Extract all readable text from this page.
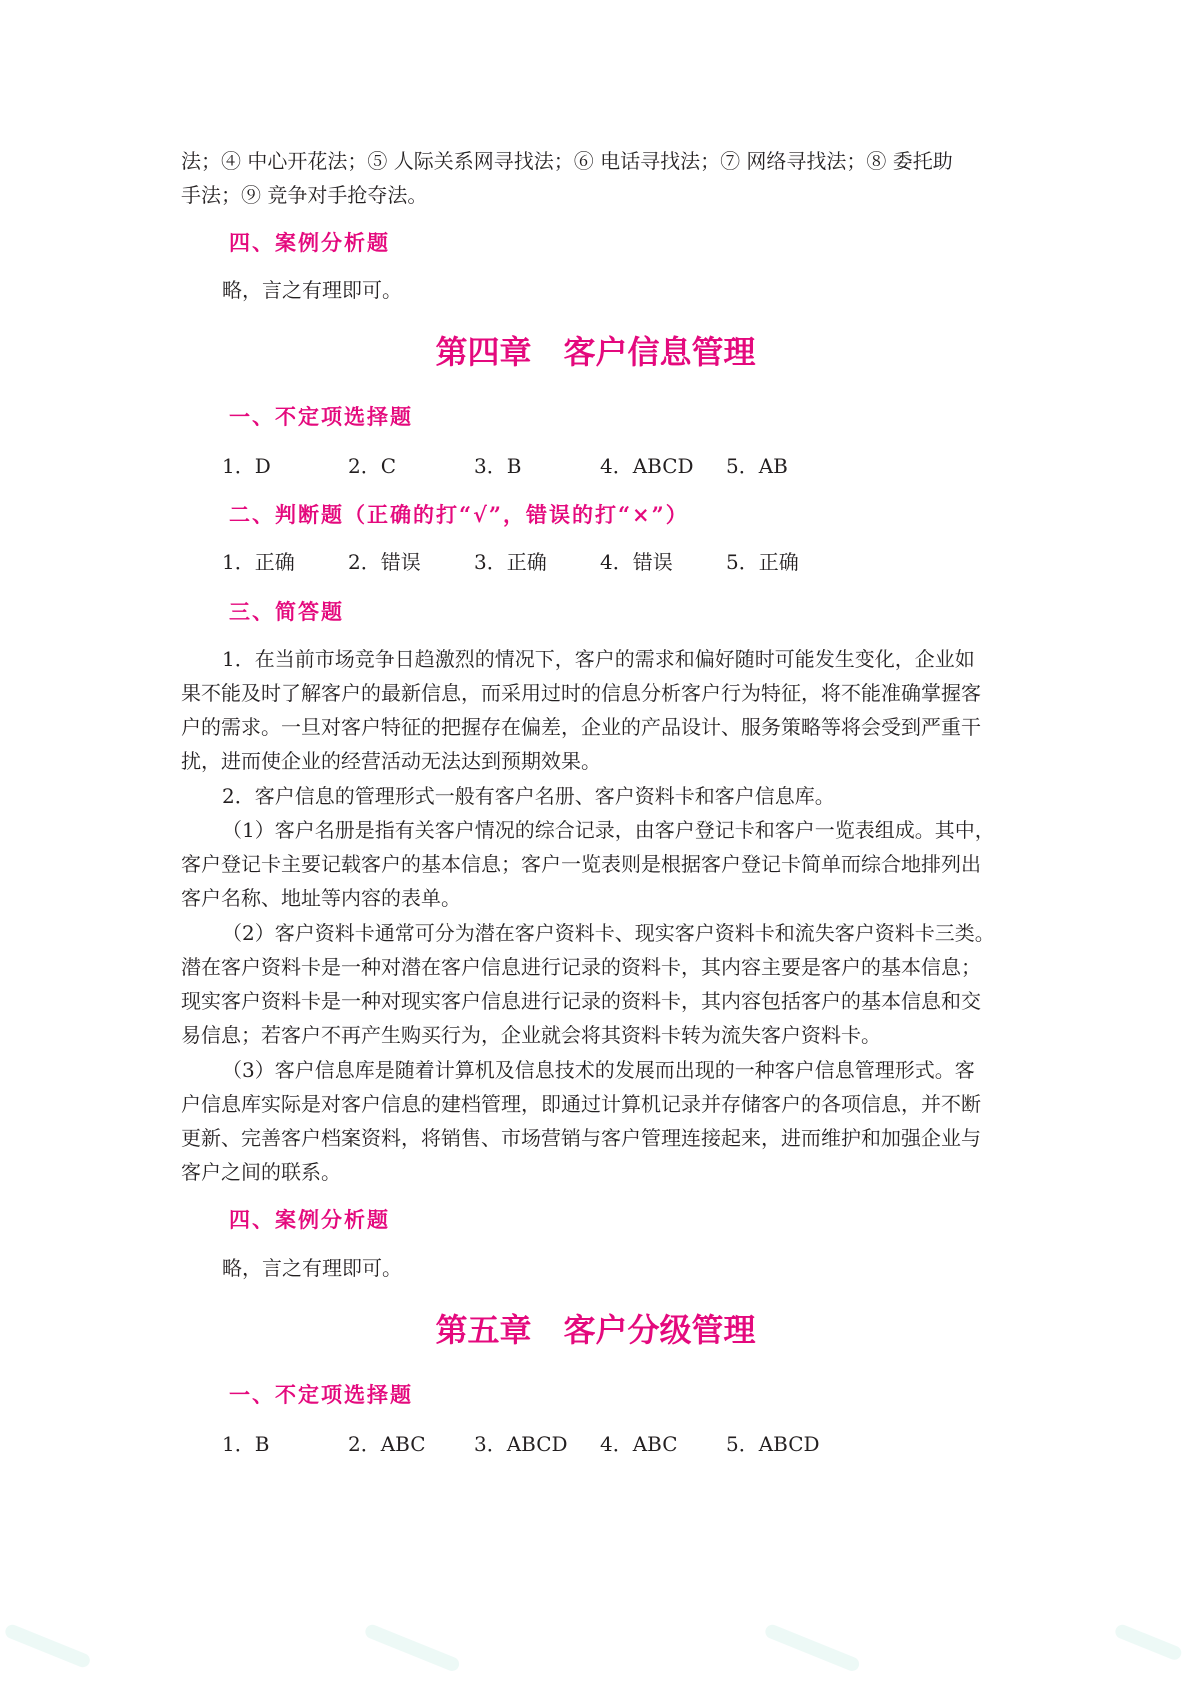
法；④ 中心开花法；⑤ 人际关系网寻找法；⑥ 电话寻找法；⑦ 网络寻找法；⑧ 委托助

手法；⑨ 竞争对手抢夺法。

四、案例分析题

略，言之有理即可。

第四章　客户信息管理
一、不定项选择题
1．D	2．C	3．B	4．ABCD 5．AB
二、判断题（正确的打“√”，错误的打“×”）
1．正确	2．错误	3．正确	4．错误	5．正确
三、简答题

1．在当前市场竞争日趋激烈的情况下，客户的需求和偏好随时可能发生变化，企业如

果不能及时了解客户的最新信息，而采用过时的信息分析客户行为特征，将不能准确掌握客

户的需求。一旦对客户特征的把握存在偏差，企业的产品设计、服务策略等将会受到严重干

扰，进而使企业的经营活动无法达到预期效果。

2．客户信息的管理形式一般有客户名册、客户资料卡和客户信息库。

（1）客户名册是指有关客户情况的综合记录，由客户登记卡和客户一览表组成。其中，

客户登记卡主要记载客户的基本信息；客户一览表则是根据客户登记卡简单而综合地排列出

客户名称、地址等内容的表单。

（2）客户资料卡通常可分为潜在客户资料卡、现实客户资料卡和流失客户资料卡三类。

潜在客户资料卡是一种对潜在客户信息进行记录的资料卡，其内容主要是客户的基本信息；

现实客户资料卡是一种对现实客户信息进行记录的资料卡，其内容包括客户的基本信息和交

易信息；若客户不再产生购买行为，企业就会将其资料卡转为流失客户资料卡。

（3）客户信息库是随着计算机及信息技术的发展而出现的一种客户信息管理形式。客

户信息库实际是对客户信息的建档管理，即通过计算机记录并存储客户的各项信息，并不断

更新、完善客户档案资料，将销售、市场营销与客户管理连接起来，进而维护和加强企业与

客户之间的联系。

四、案例分析题

略，言之有理即可。

第五章　客户分级管理
一、不定项选择题
1．B	2．ABC 3．ABCD 4．ABC 5．ABCD
